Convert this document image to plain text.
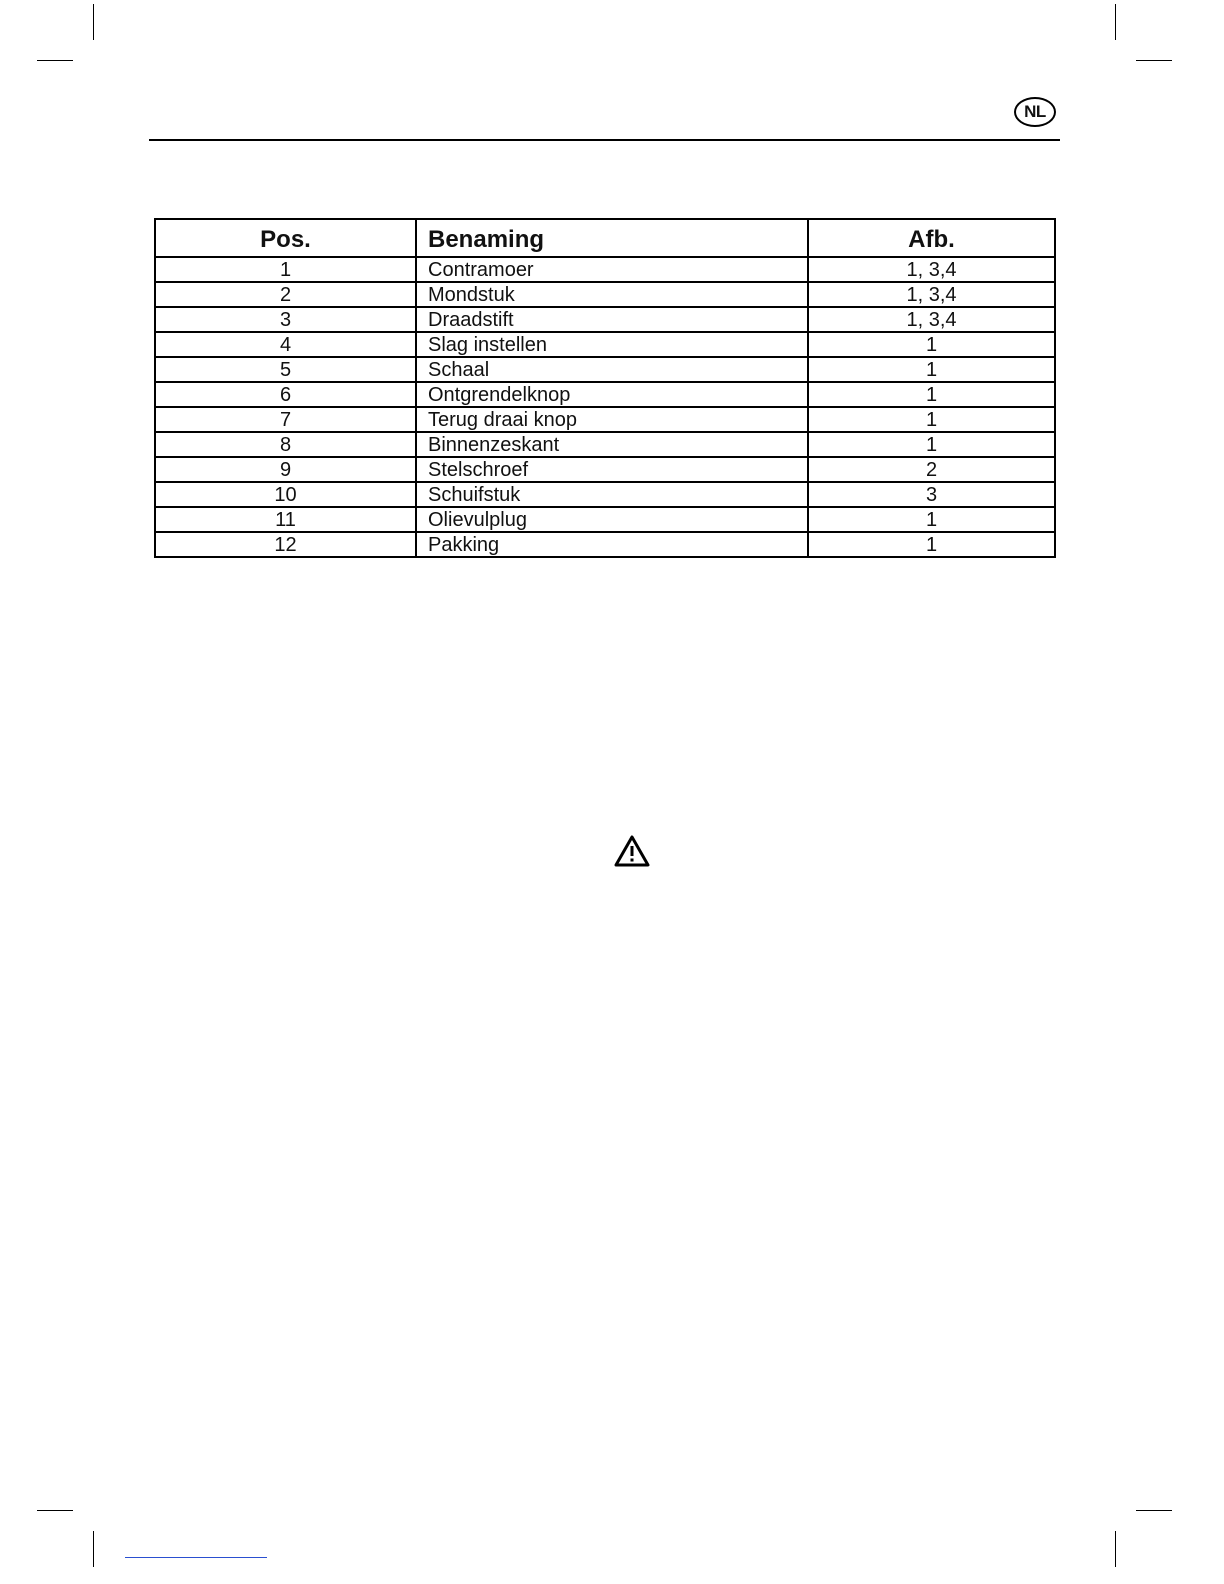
NL
Pos.	Benaming	Afb.
1	Contramoer	1, 3,4
2	Mondstuk	1, 3,4
3	Draadstift	1, 3,4
4	Slag instellen	1
5	Schaal	1
6	Ontgrendelknop	1
7	Terug draai knop	1
8	Binnenzeskant	1
9	Stelschroef	2
10	Schuifstuk	3
11	Olievulplug	1
12	Pakking	1
